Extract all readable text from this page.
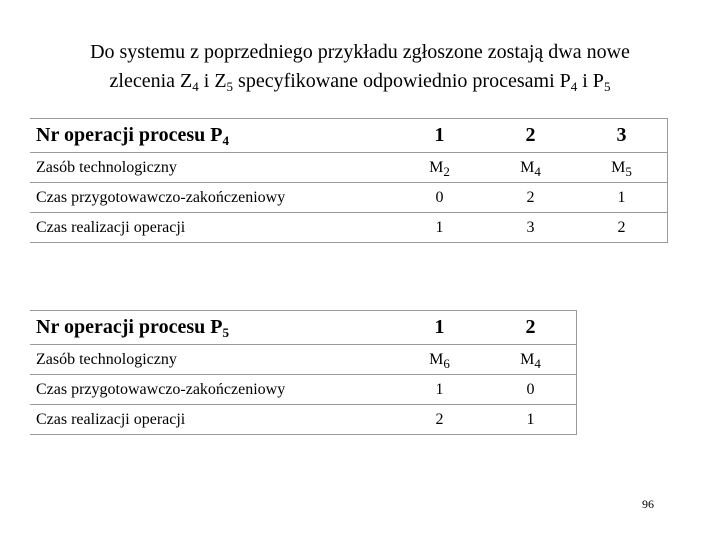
Do systemu z poprzedniego przykładu zgłoszone zostają dwa nowe
zlecenia $Z_4$ i $Z_5$ specyfikowane odpowiednio procesami $P_4$ i $P_5$
Nr operacji procesu $P_4$	1	2	3
Zasób technologiczny	$M_2$	$M_4$	$M_5$
Czas przygotowawczo-zakończeniowy	0	2	1
Czas realizacji operacji	1	3	2
Nr operacji procesu $P_5$	1	2
Zasób technologiczny	$M_6$	$M_4$
Czas przygotowawczo-zakończeniowy	1	0
Czas realizacji operacji	2	1
96
